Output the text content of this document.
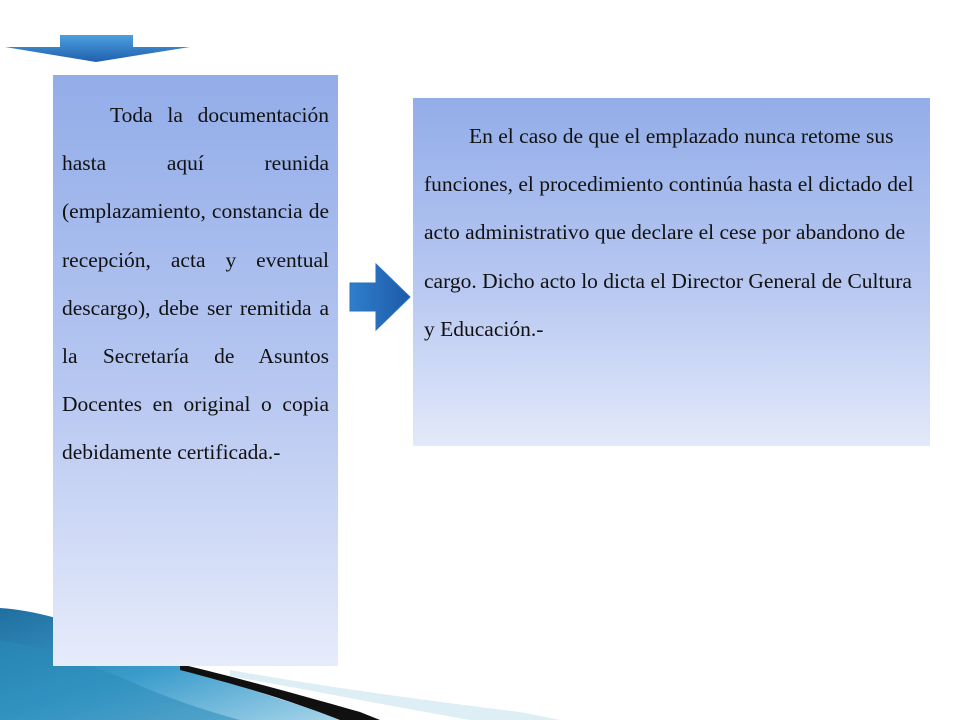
Toda la documentación hasta aquí reunida (emplazamiento, constancia de recepción, acta y eventual descargo), debe ser remitida a la Secretaría de Asuntos Docentes en original o copia debidamente certificada.-

En el caso de que el emplazado nunca retome sus funciones, el procedimiento continúa hasta el dictado del acto administrativo que declare el cese por abandono de cargo. Dicho acto lo dicta el Director General de Cultura y Educación.-
